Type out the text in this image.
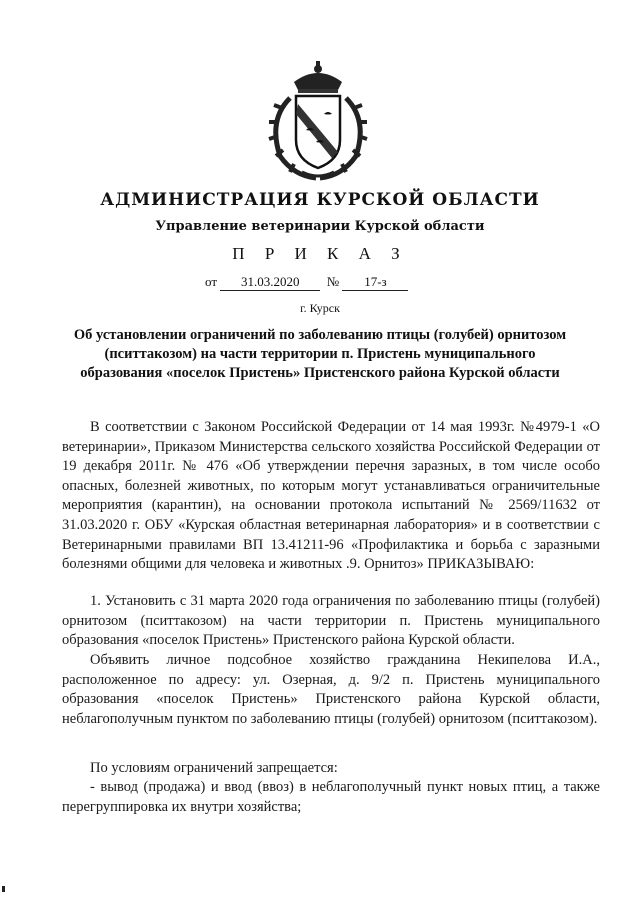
АДМИНИСТРАЦИЯ КУРСКОЙ ОБЛАСТИ
Управление ветеринарии Курской области
П Р И К А З
от 31.03.2020 № 17-з
г. Курск
Об установлении ограничений по заболеванию птицы (голубей) орнитозом (пситтакозом) на части территории п. Пристень муниципального образования «поселок Пристень» Пристенского района Курской области

В соответствии с Законом Российской Федерации от 14 мая 1993г. №4979-1 «О ветеринарии», Приказом Министерства сельского хозяйства Российской Федерации от 19 декабря 2011г. № 476 «Об утверждении перечня заразных, в том числе особо опасных, болезней животных, по которым могут устанавливаться ограничительные мероприятия (карантин), на основании протокола испытаний № 2569/11632 от 31.03.2020 г. ОБУ «Курская областная ветеринарная лаборатория» и в соответствии с Ветеринарными правилами ВП 13.41211-96 «Профилактика и борьба с заразными болезнями общими для человека и животных .9. Орнитоз» ПРИКАЗЫВАЮ:

1. Установить с 31 марта 2020 года ограничения по заболеванию птицы (голубей) орнитозом (пситтакозом) на части территории п. Пристень муниципального образования «поселок Пристень» Пристенского района Курской области.

Объявить личное подсобное хозяйство гражданина Некипелова И.А., расположенное по адресу: ул. Озерная, д. 9/2 п. Пристень муниципального образования «поселок Пристень» Пристенского района Курской области, неблагополучным пунктом по заболеванию птицы (голубей) орнитозом (пситтакозом).

По условиям ограничений запрещается:

- вывод (продажа) и ввод (ввоз) в неблагополучный пункт новых птиц, а также перегруппировка их внутри хозяйства;
